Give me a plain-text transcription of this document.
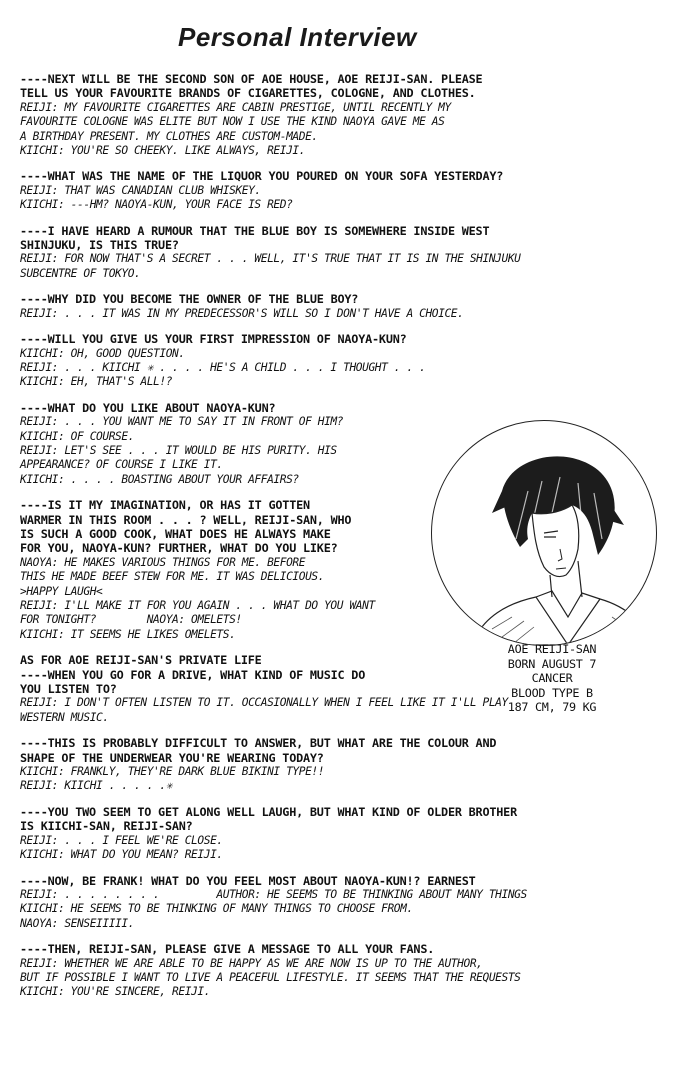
Personal Interview
----NEXT WILL BE THE SECOND SON OF AOE HOUSE, AOE REIJI-SAN. PLEASE
TELL US YOUR FAVOURITE BRANDS OF CIGARETTES, COLOGNE, AND CLOTHES.
REIJI: MY FAVOURITE CIGARETTES ARE CABIN PRESTIGE, UNTIL RECENTLY MY
FAVOURITE COLOGNE WAS ELITE BUT NOW I USE THE KIND NAOYA GAVE ME AS
A BIRTHDAY PRESENT. MY CLOTHES ARE CUSTOM-MADE.
KIICHI: YOU'RE SO CHEEKY. LIKE ALWAYS, REIJI.
----WHAT WAS THE NAME OF THE LIQUOR YOU POURED ON YOUR SOFA YESTERDAY?
REIJI: THAT WAS CANADIAN CLUB WHISKEY.
KIICHI: ---HM? NAOYA-KUN, YOUR FACE IS RED?
----I HAVE HEARD A RUMOUR THAT THE BLUE BOY IS SOMEWHERE INSIDE WEST
SHINJUKU, IS THIS TRUE?
REIJI: FOR NOW THAT'S A SECRET . . . WELL, IT'S TRUE THAT IT IS IN THE SHINJUKU
SUBCENTRE OF TOKYO.
----WHY DID YOU BECOME THE OWNER OF THE BLUE BOY?
REIJI: . . . IT WAS IN MY PREDECESSOR'S WILL SO I DON'T HAVE A CHOICE.
----WILL YOU GIVE US YOUR FIRST IMPRESSION OF NAOYA-KUN?
KIICHI: OH, GOOD QUESTION.
REIJI: . . . KIICHI ✳ . . . . HE'S A CHILD . . . I THOUGHT . . .
KIICHI: EH, THAT'S ALL!?
----WHAT DO YOU LIKE ABOUT NAOYA-KUN?
REIJI: . . . YOU WANT ME TO SAY IT IN FRONT OF HIM?
KIICHI: OF COURSE.
REIJI: LET'S SEE . . . IT WOULD BE HIS PURITY. HIS
APPEARANCE? OF COURSE I LIKE IT.
KIICHI: . . . . BOASTING ABOUT YOUR AFFAIRS?
----IS IT MY IMAGINATION, OR HAS IT GOTTEN
WARMER IN THIS ROOM . . . ? WELL, REIJI-SAN, WHO
IS SUCH A GOOD COOK, WHAT DOES HE ALWAYS MAKE
FOR YOU, NAOYA-KUN? FURTHER, WHAT DO YOU LIKE?
NAOYA: HE MAKES VARIOUS THINGS FOR ME. BEFORE
THIS HE MADE BEEF STEW FOR ME. IT WAS DELICIOUS.
>HAPPY LAUGH<
REIJI: I'LL MAKE IT FOR YOU AGAIN . . . WHAT DO YOU WANT
FOR TONIGHT?        NAOYA: OMELETS!
KIICHI: IT SEEMS HE LIKES OMELETS.
AS FOR AOE REIJI-SAN'S PRIVATE LIFE
----WHEN YOU GO FOR A DRIVE, WHAT KIND OF MUSIC DO
YOU LISTEN TO?
REIJI: I DON'T OFTEN LISTEN TO IT. OCCASIONALLY WHEN I FEEL LIKE IT I'LL PLAY
WESTERN MUSIC.
----THIS IS PROBABLY DIFFICULT TO ANSWER, BUT WHAT ARE THE COLOUR AND
SHAPE OF THE UNDERWEAR YOU'RE WEARING TODAY?
KIICHI: FRANKLY, THEY'RE DARK BLUE BIKINI TYPE!!
REIJI: KIICHI . . . . .✳
----YOU TWO SEEM TO GET ALONG WELL LAUGH, BUT WHAT KIND OF OLDER BROTHER
IS KIICHI-SAN, REIJI-SAN?
REIJI: . . . I FEEL WE'RE CLOSE.
KIICHI: WHAT DO YOU MEAN? REIJI.
----NOW, BE FRANK! WHAT DO YOU FEEL MOST ABOUT NAOYA-KUN!? EARNEST
REIJI: . . . . . . . .         AUTHOR: HE SEEMS TO BE THINKING ABOUT MANY THINGS
KIICHI: HE SEEMS TO BE THINKING OF MANY THINGS TO CHOOSE FROM.
NAOYA: SENSEIIIII.
----THEN, REIJI-SAN, PLEASE GIVE A MESSAGE TO ALL YOUR FANS.
REIJI: WHETHER WE ARE ABLE TO BE HAPPY AS WE ARE NOW IS UP TO THE AUTHOR,
BUT IF POSSIBLE I WANT TO LIVE A PEACEFUL LIFESTYLE. IT SEEMS THAT THE REQUESTS
KIICHI: YOU'RE SINCERE, REIJI.
AOE REIJI-SAN
BORN AUGUST 7
CANCER
BLOOD TYPE B
187 CM, 79 KG
